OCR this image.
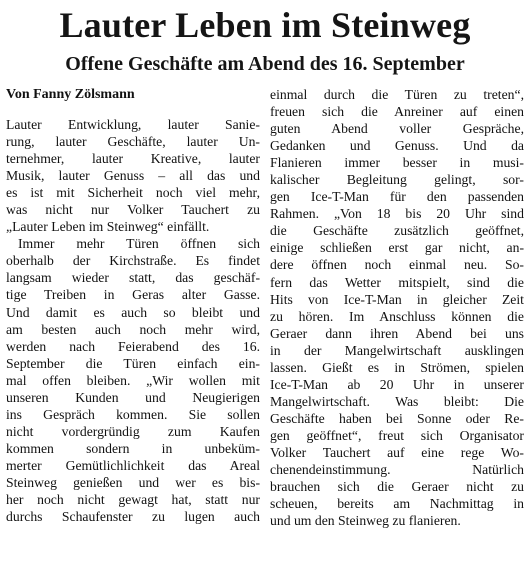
Lauter Leben im Steinweg
Offene Geschäfte am Abend des 16. September
Von Fanny Zölsmann
Lauter Entwicklung, lauter Sanie-
rung, lauter Geschäfte, lauter Un-
ternehmer, lauter Kreative, lauter
Musik, lauter Genuss – all das und
es ist mit Sicherheit noch viel mehr,
was nicht nur Volker Tauchert zu
„Lauter Leben im Steinweg“ einfällt.
Immer mehr Türen öffnen sich
oberhalb der Kirchstraße. Es findet
langsam wieder statt, das geschäf-
tige Treiben in Geras alter Gasse.
Und damit es auch so bleibt und
am besten auch noch mehr wird,
werden nach Feierabend des 16.
September die Türen einfach ein-
mal offen bleiben. „Wir wollen mit
unseren Kunden und Neugierigen
ins Gespräch kommen. Sie sollen
nicht vordergründig zum Kaufen
kommen sondern in unbeküm-
merter Gemütlichlichkeit das Areal
Steinweg genießen und wer es bis-
her noch nicht gewagt hat, statt nur
durchs Schaufenster zu lugen auch
einmal durch die Türen zu treten“,
freuen sich die Anreiner auf einen
guten Abend voller Gespräche,
Gedanken und Genuss. Und da
Flanieren immer besser in musi-
kalischer Begleitung gelingt, sor-
gen Ice-T-Man für den passenden
Rahmen. „Von 18 bis 20 Uhr sind
die Geschäfte zusätzlich geöffnet,
einige schließen erst gar nicht, an-
dere öffnen noch einmal neu. So-
fern das Wetter mitspielt, sind die
Hits von Ice-T-Man in gleicher Zeit
zu hören. Im Anschluss können die
Geraer dann ihren Abend bei uns
in der Mangelwirtschaft ausklingen
lassen. Gießt es in Strömen, spielen
Ice-T-Man ab 20 Uhr in unserer
Mangelwirtschaft. Was bleibt: Die
Geschäfte haben bei Sonne oder Re-
gen geöffnet“, freut sich Organisator
Volker Tauchert auf eine rege Wo-
chenendeinstimmung. Natürlich
brauchen sich die Geraer nicht zu
scheuen, bereits am Nachmittag in
und um den Steinweg zu flanieren.
